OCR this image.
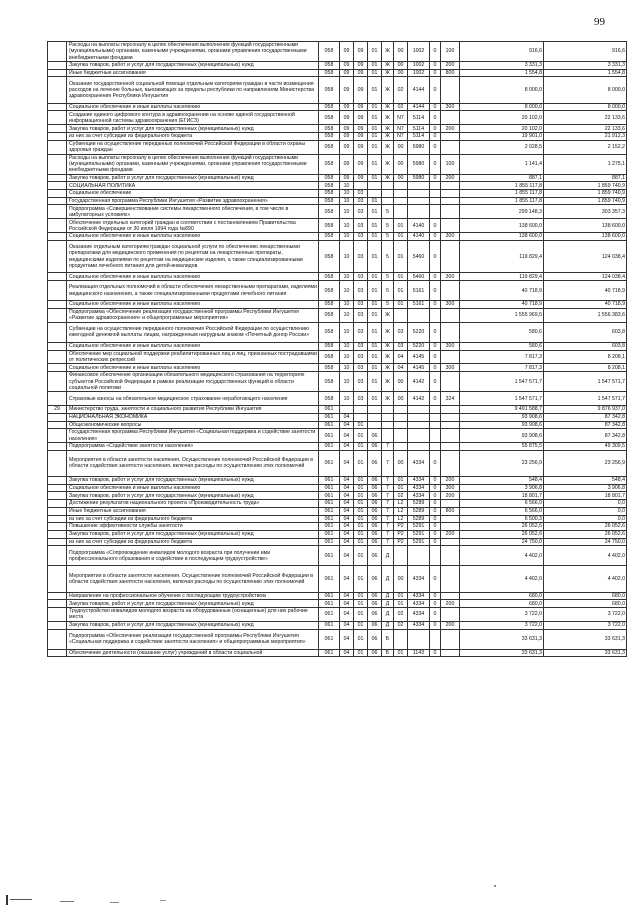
99
	Расходы на выплаты персоналу в целях обеспечения выполнения функций государственными (муниципальными) органами, казенными учреждениями, органами управления государственными внебюджетными фондами	058	09	09	01	Ж	00	1002	0	100	916,6	916,6
	Закупка товаров, работ и услуг для государственных (муниципальных) нужд	058	09	09	01	Ж	00	1002	0	200	3 331,3	3 331,3
	Иные бюджетные ассигнования	058	09	09	01	Ж	00	1002	0	800	1 554,8	1 554,8
	Оказание государственной социальной помощи отдельным категориям граждан в части возмещения расходов на лечение больных, выезжающих за пределы республики по направлениям Министерства здравоохранения Республики Ингушетия	058	09	09	01	Ж	02	4144	0		8 000,0	8 000,0
	Социальное обеспечение и иные выплаты населению	058	09	09	01	Ж	02	4144	0	300	8 000,0	8 000,0
	Создание единого цифрового контура в здравоохранении на основе единой государственной информационной системы здравоохранения (ЕГИСЗ)	058	09	09	01	Ж	N7	5114	0		20 102,0	22 133,6
	Закупка товаров, работ и услуг для государственных (муниципальных) нужд	058	09	09	01	Ж	N7	5114	0	200	20 102,0	22 133,6
	из них за счет субсидии из федерального бюджета	058	09	09	01	Ж	N7	5114	0		19 901,0	21 912,3
	Субвенции на осуществление переданных полномочий Российской Федерации в области охраны здоровья граждан	058	09	09	01	Ж	00	5980	0		2 028,5	2 152,2
	Расходы на выплаты персоналу в целях обеспечения выполнения функций государственными (муниципальными) органами, казенными учреждениями, органами управления государственными внебюджетными фондами	058	09	09	01	Ж	00	5980	0	100	1 141,4	1 275,1
	Закупка товаров, работ и услуг для государственных (муниципальных) нужд	058	09	09	01	Ж	00	5980	0	200	887,1	887,1
	СОЦИАЛЬНАЯ ПОЛИТИКА	058	10								1 855 117,8	1 859 740,9
	Социальное обеспечение	058	10	03							1 855 117,8	1 859 740,9
	Государственная программа Республики Ингушетия «Развитие здравоохранения»	058	10	03	01						1 855 117,8	1 859 740,9
	Подпрограмма «Совершенствование системы лекарственного обеспечения, в том числе в амбулаторных условиях»	058	10	03	01	5					299 148,3	303 357,3
	Обеспечение отдельных категорий граждан в соответствии с постановлением Правительства Российской Федерации от 30 июля 1994 года №890	058	10	03	01	5	01	4140	0		138 600,0	138 600,0
	Социальное обеспечение и иные выплаты населению	058	10	03	01	5	01	4140	0	300	138 600,0	138 600,0
	Оказание отдельным категориям граждан социальной услуги по обеспечению лекарственными препаратами для медицинского применения по рецептам на лекарственные препараты, медицинскими изделиями по рецептам на медицинские изделия, а также специализированными продуктами лечебного питания для детей-инвалидов	058	10	03	01	5	01	5460	0		119 829,4	124 038,4
	Социальное обеспечение и иные выплаты населению	058	10	03	01	5	01	5460	0	300	119 829,4	124 038,4
	Реализация отдельных полномочий в области обеспечения лекарственными препаратами, изделиями медицинского назначения, а также специализированными продуктами лечебного питания	058	10	03	01	5	01	5161	0		40 718,9	40 718,9
	Социальное обеспечение и иные выплаты населению	058	10	03	01	5	01	5161	0	300	40 718,9	40 718,9
	Подпрограмма «Обеспечение реализации государственной программы Республики Ингушетия «Развитие здравоохранения» и общепрограммные мероприятия»	058	10	03	01	Ж					1 555 969,5	1 556 383,6
	Субвенции на осуществление переданного полномочия Российской Федерации по осуществлению ежегодной денежной выплаты лицам, награжденным нагрудным знаком «Почетный донор России»	058	10	03	01	Ж	03	5220	0		580,6	603,8
	Социальное обеспечение и иные выплаты населению	058	10	03	01	Ж	03	5220	0	300	580,6	603,8
	Обеспечение мер социальной поддержки реабилитированных лиц и лиц, признанных пострадавшими от политических репрессий	058	10	03	01	Ж	04	4145	0		7 817,3	8 208,1
	Социальное обеспечение и иные выплаты населению	058	10	03	01	Ж	04	4145	0	300	7 817,3	8 208,1
	Финансовое обеспечение организации обязательного медицинского страхования на территориях субъектов Российской Федерации в рамках реализации государственных функций в области социальной политики	058	10	03	01	Ж	00	4142	0		1 547 571,7	1 547 571,7
	Страховые взносы на обязательное медицинское страхование неработающего населения	058	10	03	01	Ж	00	4142	0	324	1 547 571,7	1 547 571,7
29	Министерство труда, занятости и социального развития Республики Ингушетия	061									9 491 588,7	9 876 937,0
	НАЦИОНАЛЬНАЯ ЭКОНОМИКА	061	04								93 908,6	87 342,8
	Общеэкономические вопросы	061	04	01							93 908,6	87 342,8
	Государственная программа Республики Ингушетия «Социальная поддержка и содействие занятости населения»	061	04	01	06						93 908,6	87 342,8
	Подпрограмма «Содействие занятости населения»	061	04	01	06	7					55 875,5	49 309,5
	Мероприятия в области занятости населения. Осуществление полномочий Российской Федерации в области содействия занятости населения, включая расходы по осуществлению этих полномочий	061	04	01	06	7	00	4334	0		23 256,9	23 256,9
	Закупка товаров, работ и услуг для государственных (муниципальных) нужд	061	04	01	06	7	01	4334	0	200	548,4	548,4
	Социальное обеспечение и иные выплаты населению	061	04	01	06	7	01	4334	0	300	3 906,8	3 906,8
	Закупка товаров, работ и услуг для государственных (муниципальных) нужд	061	04	01	06	7	02	4334	0	200	18 801,7	18 801,7
	Достижение результатов национального проекта «Производительность труда»	061	04	01	06	7	L2	5289	0		6 566,0	0,0
	Иные бюджетные ассигнования	061	04	01	06	7	L2	5289	0	800	6 566,0	0,0
	из них за счет субсидии из федерального бюджета	061	04	01	06	7	L2	5289	0		6 500,3	0,0
	Повышение эффективности службы занятости	061	04	01	06	7	P2	5291	0		26 052,6	26 052,6
	Закупка товаров, работ и услуг для государственных (муниципальных) нужд	061	04	01	06	7	P2	5291	0	200	26 052,6	26 052,6
	из них за счет субсидии из федерального бюджета	061	04	01	06	7	P2	5291	0		24 750,0	24 750,0
	Подпрограмма «Сопровождение инвалидов молодого возраста при получении ими профессионального образования и содействие в последующем трудоустройстве»	061	04	01	06	Д					4 402,0	4 402,0
	Мероприятия в области занятости населения. Осуществление полномочий Российской Федерации в области содействия занятости населения, включая расходы по осуществлению этих полномочий	061	04	01	06	Д	00	4334	0		4 402,0	4 402,0
	Направление на профессиональное обучение с последующим трудоустройством	061	04	01	06	Д	01	4334	0		680,0	680,0
	Закупка товаров, работ и услуг для государственных (муниципальных) нужд	061	04	01	06	Д	01	4334	0	200	680,0	680,0
	Трудоустройство инвалидов молодого возраста на оборудованные (оснащенные) для них рабочие места	061	04	01	06	Д	02	4334	0		3 722,0	3 722,0
	Закупка товаров, работ и услуг для государственных (муниципальных) нужд	061	04	01	06	Д	02	4334	0	200	3 722,0	3 722,0
	Подпрограмма «Обеспечение реализации государственной программы Республики Ингушетия «Социальная поддержка и содействие занятости населения» и общепрограммные мероприятия»	061	04	01	06	Б					33 631,3	33 631,3
	Обеспечение деятельности (оказание услуг) учреждений в области социальной	061	04	01	06	Б	01	1143	0		33 631,3	33 631,3
